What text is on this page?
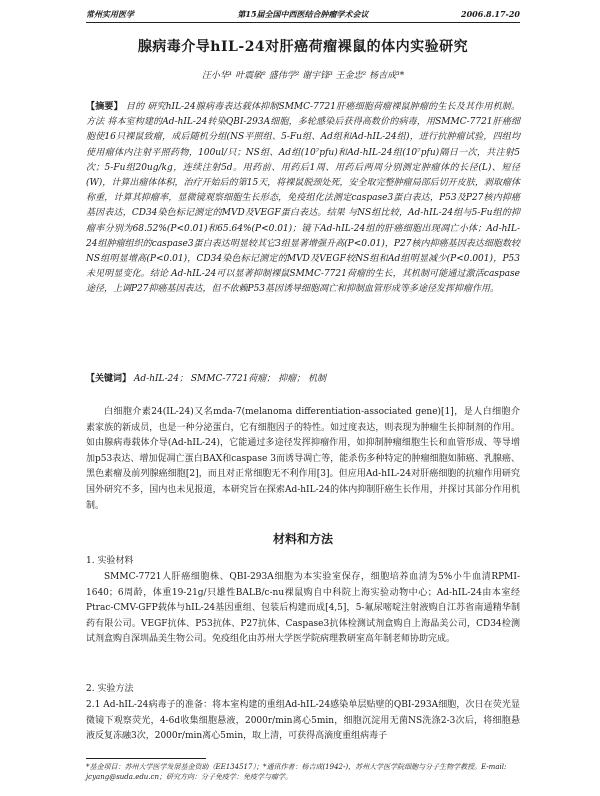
常州实用医学	第15届全国中西医结合肿瘤学术会议	2006.8.17-20
腺病毒介导hIL-24对肝癌荷瘤裸鼠的体内实验研究
汪小华¹ 叶震敏² 盛伟学² 谢宇锋³ 王金忠² 杨吉成³*
【摘要】 目的 研究hIL-24腺病毒表达载体抑制SMMC-7721肝癌细胞荷瘤裸鼠肿瘤的生长及其作用机制。方法 将本室构建的Ad-hIL-24转染QBI-293A细胞，多轮感染后获得高数价的病毒，用SMMC-7721肝癌细胞使16只裸鼠致瘤，成后随机分组(NS平照组、5-Fu组、Ad组和Ad-hIL-24组)，进行抗肿瘤试验，四组均使用瘤体内注射平照药物，100ul/只；NS组、Ad组(10⁷pfu)和Ad-hIL-24组(10⁷pfu)隔日一次，共注射5次；5-Fu组20ug/kg，连续注射5d。用药前、用药后1周、用药后两周分别测定肿瘤体的长径(L)、短径(W)，计算出瘤体体积，治疗开始后的第15天，将裸鼠脱颈处死，安全取完整肿瘤局部后切开皮肤，剥取瘤体称重，计算其抑瘤率，显微镜观察细胞生长形态，免疫组化法测定caspase3蛋白表达，P53及P27核内抑癌基因表达，CD34染色标记测定的MVD及VEGF蛋白表达。结果 与NS组比较，Ad-hIL-24组与5-Fu组的抑瘤率分别为68.52%(P<0.01)和65.64%(P<0.01)；镜下Ad-hIL-24组的肝癌细胞出现凋亡小体；Ad-hIL-24组肿瘤组织的caspase3蛋白表达明显较其它3组显著增强升高(P<0.01)，P27核内抑癌基因表达细胞数较NS组明显增高(P<0.01)，CD34染色标记测定的MVD及VEGF较NS组和Ad组明显减少(P<0.001)，P53未见明显变化。结论 Ad-hIL-24可以显著抑制裸鼠SMMC-7721荷瘤的生长，其机制可能通过激活caspase途径，上调P27抑癌基因表达，但不依赖P53基因诱导细胞凋亡和抑制血管形成等多途径发挥抑瘤作用。
【关键词】 Ad-hIL-24； SMMC-7721荷瘤； 抑瘤； 机制
白细胞介素24(IL-24)又名mda-7(melanoma differentiation-associated gene)[1]，是人白细胞介素家族的新成员，也是一种分泌蛋白，它有细胞因子的特性。如过度表达，则表现为肿瘤生长抑制剂的作用。如由腺病毒载体介导(Ad-hIL-24)，它能通过多途径发挥抑瘤作用，如抑制肿瘤细胞生长和血管形成、等导增加p53表达、增加促凋亡蛋白BAX和caspase 3而诱导凋亡等，能杀伤多种特定的肿瘤细胞如肺癌、乳腺癌、黑色素瘤及前列腺癌细胞[2]，而且对正常细胞无不利作用[3]。但应用Ad-hIL-24对肝癌细胞的抗瘤作用研究国外研究不多，国内也未见报道，本研究旨在探索Ad-hIL-24的体内抑制肝癌生长作用，并探讨其部分作用机制。
材料和方法
1. 实验材料
SMMC-7721人肝癌细胞株、QBI-293A细胞为本实验室保存，细胞培养血清为5%小牛血清RPMI-1640；6周龄，体重19-21g/只雄性BALB/c-nu裸鼠购自中科院上海实验动物中心；Ad-hIL-24由本室经Ptrac-CMV-GFP载体与hIL-24基因重组、包装后构建而成[4,5]，5-氟尿嘧啶注射液购自江苏省南通精华制药有限公司。VEGF抗体、P53抗体、P27抗体、Caspase3抗体检测试剂盒购自上海晶美公司，CD34检测试剂盒购自深圳晶美生物公司。免疫组化由苏州大学医学院病理教研室高年制老师协助完成。
2. 实验方法
2.1 Ad-hIL-24病毒子的准备：将本室构建的重组Ad-hIL-24感染单层贴壁的QBI-293A细胞，次日在荧光显微镜下观察荧光，4-6d收集细胞悬液，2000r/min离心5min，细胞沉淀用无菌NS洗涤2-3次后，将细胞悬液反复冻融3次，2000r/min离心5min，取上清，可获得高滴度重组病毒子
*基金项目：苏州大学医学发展基金资助（EE134517）；*通讯作者：杨吉成(1942-)，苏州大学医学院细胞与分子生物学教授。E-mail: jcyang@suda.edu.cn；研究方向：分子免疫学：免疫学与瘤学。
